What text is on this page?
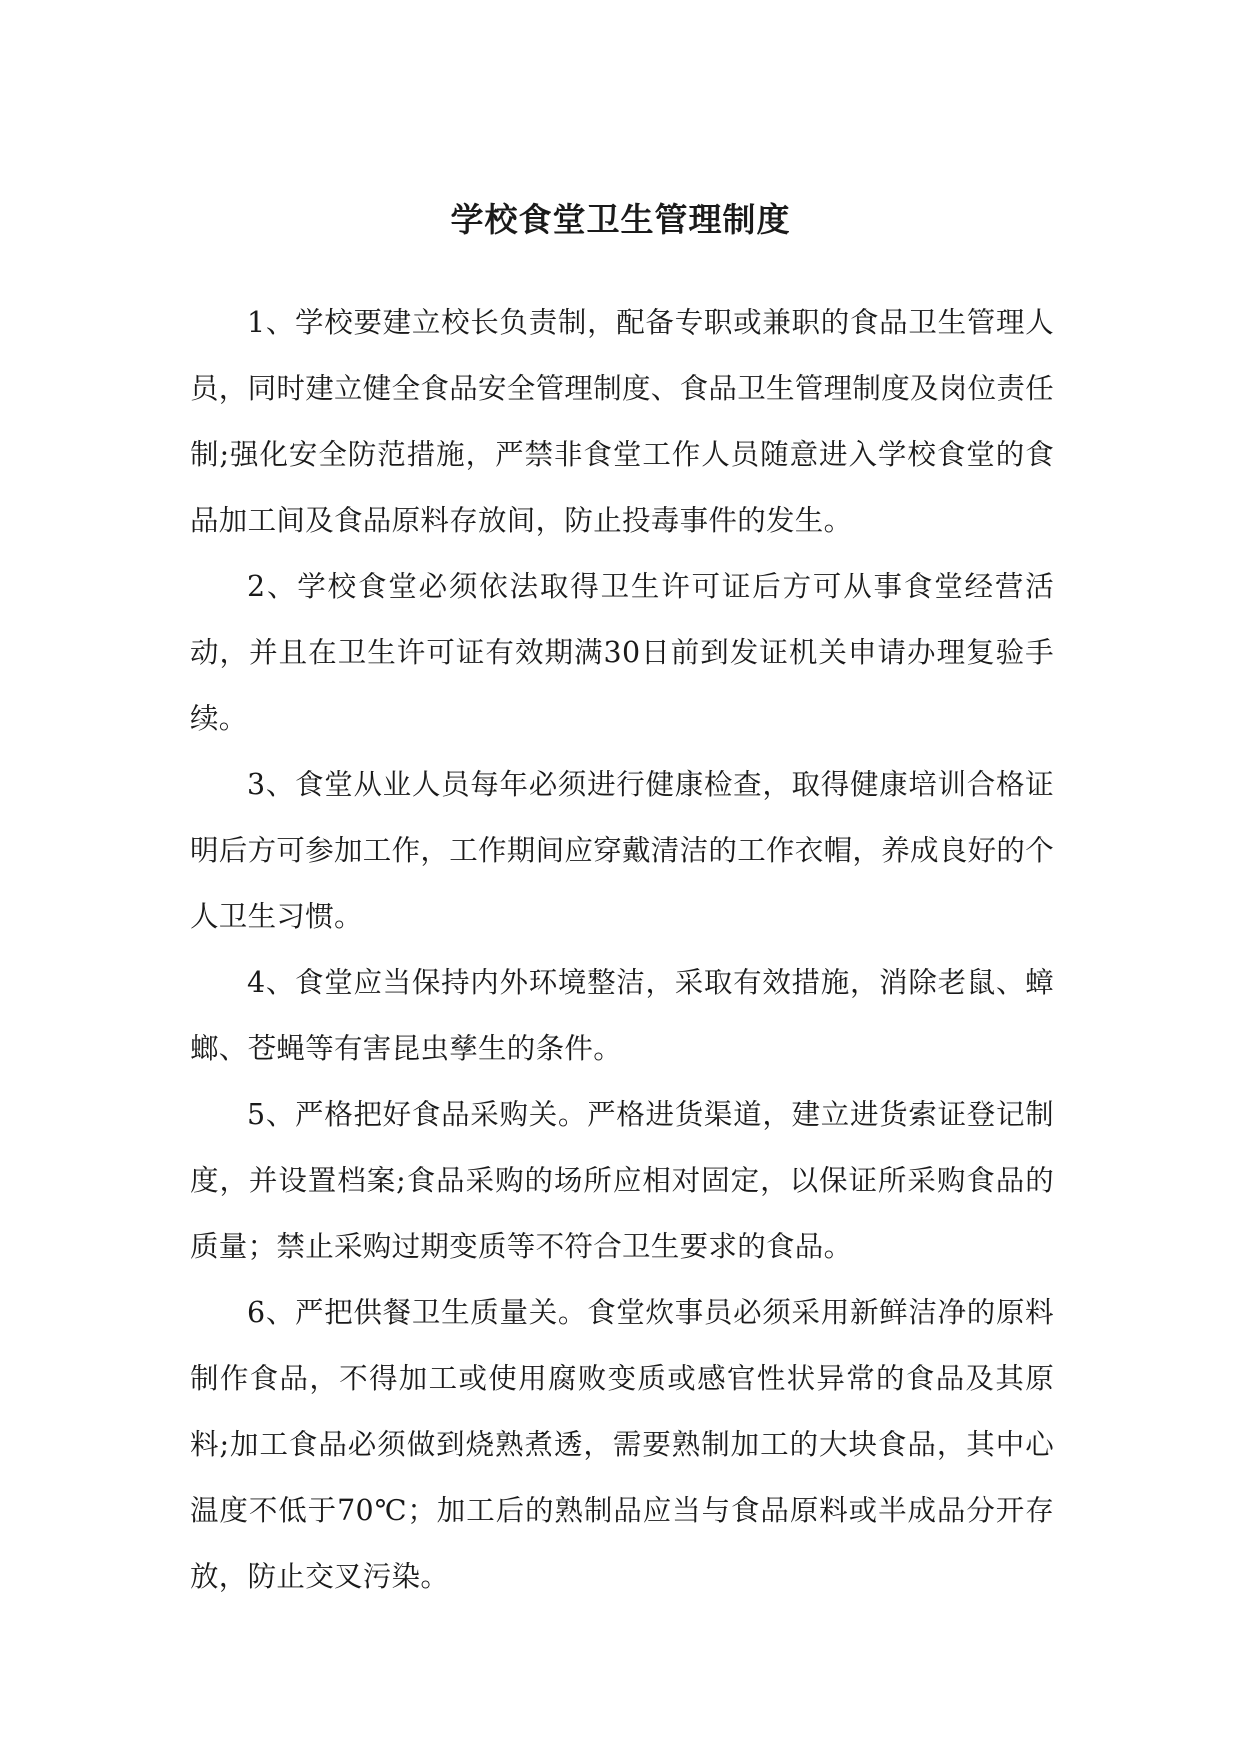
学校食堂卫生管理制度

1、学校要建立校长负责制，配备专职或兼职的食品卫生管理人员，同时建立健全食品安全管理制度、食品卫生管理制度及岗位责任制;强化安全防范措施，严禁非食堂工作人员随意进入学校食堂的食品加工间及食品原料存放间，防止投毒事件的发生。

2、学校食堂必须依法取得卫生许可证后方可从事食堂经营活动，并且在卫生许可证有效期满30日前到发证机关申请办理复验手续。

3、食堂从业人员每年必须进行健康检查，取得健康培训合格证明后方可参加工作，工作期间应穿戴清洁的工作衣帽，养成良好的个人卫生习惯。

4、食堂应当保持内外环境整洁，采取有效措施，消除老鼠、蟑螂、苍蝇等有害昆虫孳生的条件。

5、严格把好食品采购关。严格进货渠道，建立进货索证登记制度，并设置档案;食品采购的场所应相对固定，以保证所采购食品的质量；禁止采购过期变质等不符合卫生要求的食品。

6、严把供餐卫生质量关。食堂炊事员必须采用新鲜洁净的原料制作食品，不得加工或使用腐败变质或感官性状异常的食品及其原料;加工食品必须做到烧熟煮透，需要熟制加工的大块食品，其中心温度不低于70℃；加工后的熟制品应当与食品原料或半成品分开存放，防止交叉污染。
